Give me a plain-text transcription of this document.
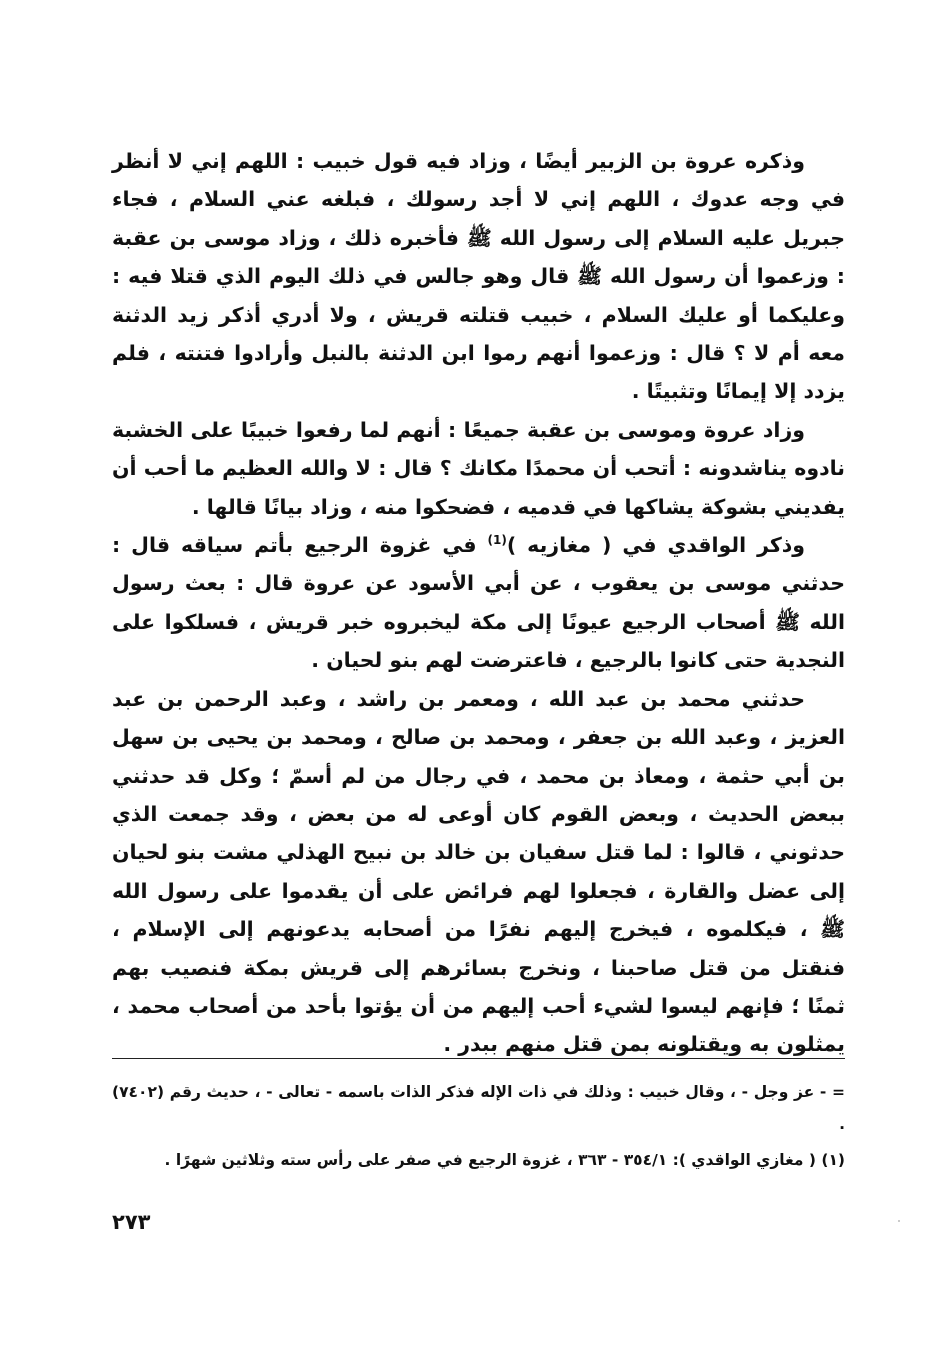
وذكره عروة بن الزبير أيضًا ، وزاد فيه قول خبيب : اللهم إني لا أنظر في وجه عدوك ، اللهم إني لا أجد رسولك ، فبلغه عني السلام ، فجاء جبريل عليه السلام إلى رسول الله ﷺ فأخبره ذلك ، وزاد موسى بن عقبة : وزعموا أن رسول الله ﷺ قال وهو جالس في ذلك اليوم الذي قتلا فيه : وعليكما أو عليك السلام ، خبيب قتلته قريش ، ولا أدري أذكر زيد الدثنة معه أم لا ؟ قال : وزعموا أنهم رموا ابن الدثنة بالنبل وأرادوا فتنته ، فلم يزدد إلا إيمانًا وتثبيتًا .

وزاد عروة وموسى بن عقبة جميعًا : أنهم لما رفعوا خبيبًا على الخشبة نادوه يناشدونه : أتحب أن محمدًا مكانك ؟ قال : لا والله العظيم ما أحب أن يفديني بشوكة يشاكها في قدميه ، فضحكوا منه ، وزاد بيانًا قالها .

وذكر الواقدي في ( مغازيه )$^{(1)}$ في غزوة الرجيع بأتم سياقه قال : حدثني موسى بن يعقوب ، عن أبي الأسود عن عروة قال : بعث رسول الله ﷺ أصحاب الرجيع عيونًا إلى مكة ليخبروه خبر قريش ، فسلكوا على النجدية حتى كانوا بالرجيع ، فاعترضت لهم بنو لحيان .

حدثني محمد بن عبد الله ، ومعمر بن راشد ، وعبد الرحمن بن عبد العزيز ، وعبد الله بن جعفر ، ومحمد بن صالح ، ومحمد بن يحيى بن سهل بن أبي حثمة ، ومعاذ بن محمد ، في رجال من لم أسمّ ؛ وكل قد حدثني ببعض الحديث ، وبعض القوم كان أوعى له من بعض ، وقد جمعت الذي حدثوني ، قالوا : لما قتل سفيان بن خالد بن نبيح الهذلي مشت بنو لحيان إلى عضل والقارة ، فجعلوا لهم فرائض على أن يقدموا على رسول الله ﷺ ، فيكلموه ، فيخرج إليهم نفرًا من أصحابه يدعونهم إلى الإسلام ، فنقتل من قتل صاحبنا ، ونخرج بسائرهم إلى قريش بمكة فنصيب بهم ثمنًا ؛ فإنهم ليسوا لشيء أحب إليهم من أن يؤتوا بأحد من أصحاب محمد ، يمثلون به ويقتلونه بمن قتل منهم ببدر .

= - عز وجل - ، وقال خبيب : وذلك في ذات الإله فذكر الذات باسمه - تعالى - ، حديث رقم (٧٤٠٢) .

(١) ( مغازي الواقدي ): ٣٥٤/١ - ٣٦٣ ، غزوة الرجيع في صفر على رأس سته وثلاثين شهرًا .

٢٧٣
